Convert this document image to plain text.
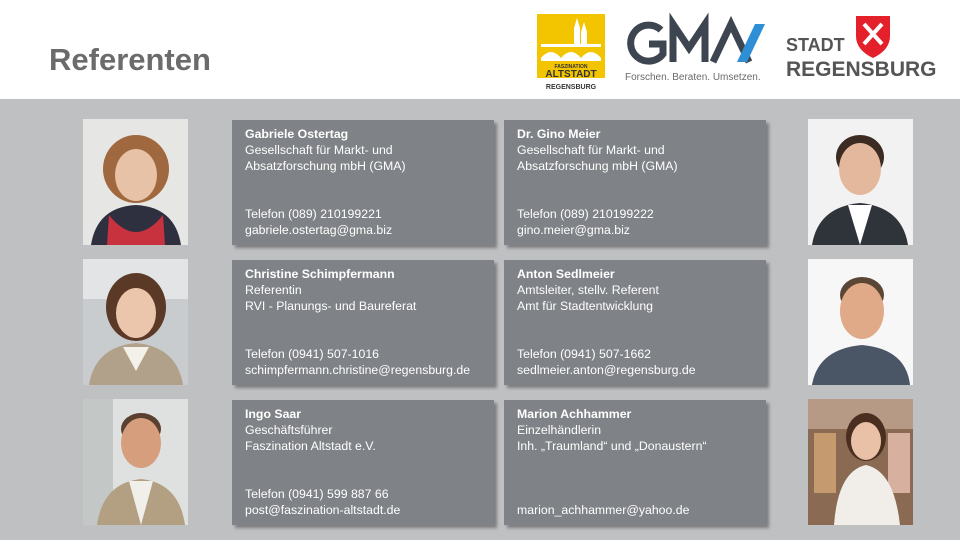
Referenten	FASZINATION
ALTSTADT
REGENSBURG
Forschen. Beraten. Umsetzen.
STADT
REGENSBURG
Gabriele Ostertag
Gesellschaft für Markt- und
Absatzforschung mbH (GMA)
Telefon (089) 210199221
gabriele.ostertag@gma.biz
Dr. Gino Meier
Gesellschaft für Markt- und
Absatzforschung mbH (GMA)
Telefon (089) 210199222
gino.meier@gma.biz
Christine Schimpfermann
Referentin
RVI - Planungs- und Baureferat
Telefon (0941) 507-1016
schimpfermann.christine@regensburg.de
Anton Sedlmeier
Amtsleiter, stellv. Referent
Amt für Stadtentwicklung
Telefon (0941) 507-1662
sedlmeier.anton@regensburg.de
Ingo Saar
Geschäftsführer
Faszination Altstadt e.V.
Telefon (0941) 599 887 66
post@faszination-altstadt.de
Marion Achhammer
Einzelhändlerin
Inh. „Traumland“ und „Donaustern“
marion_achhammer@yahoo.de
